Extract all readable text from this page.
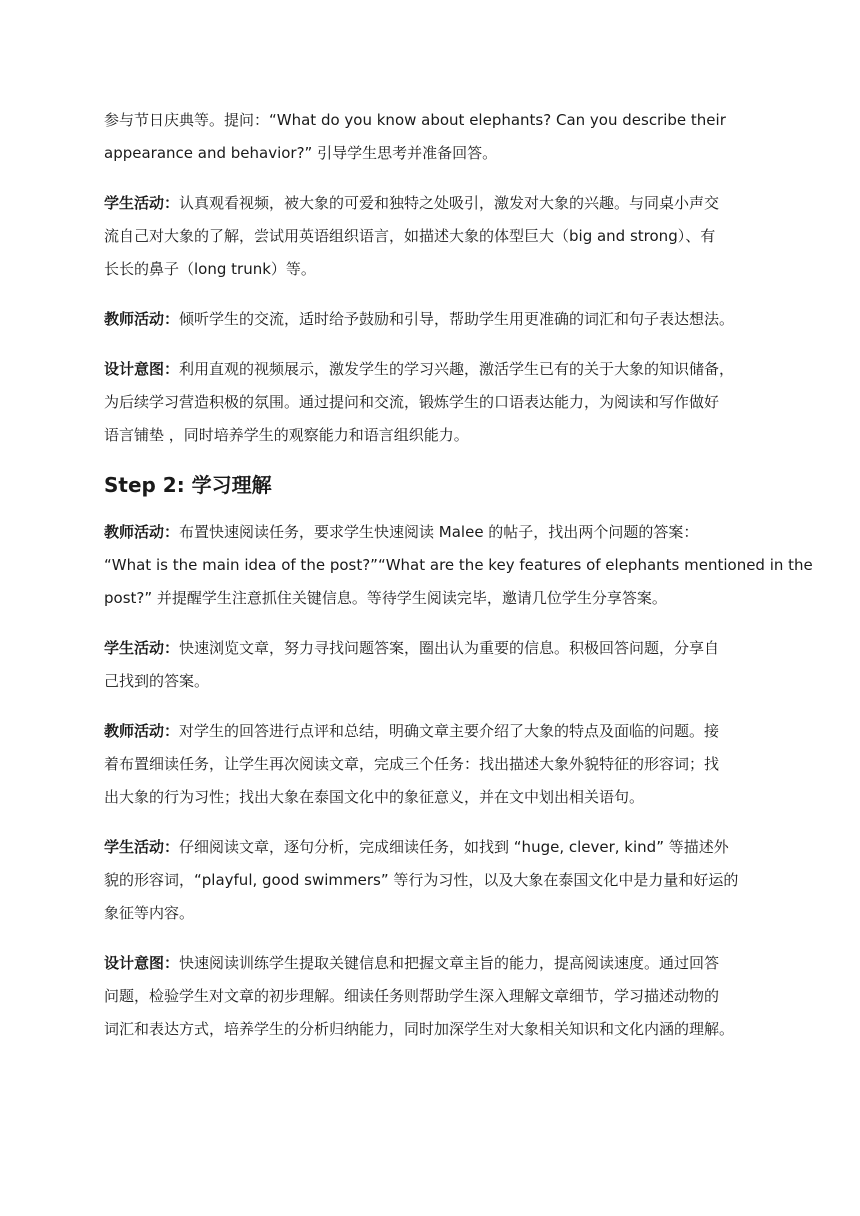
参与节日庆典等。提问：“What do you know about elephants? Can you describe their
appearance and behavior?” 引导学生思考并准备回答。

学生活动：认真观看视频，被大象的可爱和独特之处吸引，激发对大象的兴趣。与同桌小声交
流自己对大象的了解，尝试用英语组织语言，如描述大象的体型巨大（big and strong）、有
长长的鼻子（long trunk）等。

教师活动：倾听学生的交流，适时给予鼓励和引导，帮助学生用更准确的词汇和句子表达想法。

设计意图：利用直观的视频展示，激发学生的学习兴趣，激活学生已有的关于大象的知识储备，
为后续学习营造积极的氛围。通过提问和交流，锻炼学生的口语表达能力，为阅读和写作做好
语言铺垫 ，同时培养学生的观察能力和语言组织能力。

Step 2: 学习理解

教师活动：布置快速阅读任务，要求学生快速阅读 Malee 的帖子，找出两个问题的答案：
“What is the main idea of the post?”“What are the key features of elephants mentioned in the
post?” 并提醒学生注意抓住关键信息。等待学生阅读完毕，邀请几位学生分享答案。

学生活动：快速浏览文章，努力寻找问题答案，圈出认为重要的信息。积极回答问题，分享自
己找到的答案。

教师活动：对学生的回答进行点评和总结，明确文章主要介绍了大象的特点及面临的问题。接
着布置细读任务，让学生再次阅读文章，完成三个任务：找出描述大象外貌特征的形容词；找
出大象的行为习性；找出大象在泰国文化中的象征意义，并在文中划出相关语句。

学生活动：仔细阅读文章，逐句分析，完成细读任务，如找到 “huge, clever, kind” 等描述外
貌的形容词，“playful, good swimmers” 等行为习性，以及大象在泰国文化中是力量和好运的
象征等内容。

设计意图：快速阅读训练学生提取关键信息和把握文章主旨的能力，提高阅读速度。通过回答
问题，检验学生对文章的初步理解。细读任务则帮助学生深入理解文章细节，学习描述动物的
词汇和表达方式，培养学生的分析归纳能力，同时加深学生对大象相关知识和文化内涵的理解。
